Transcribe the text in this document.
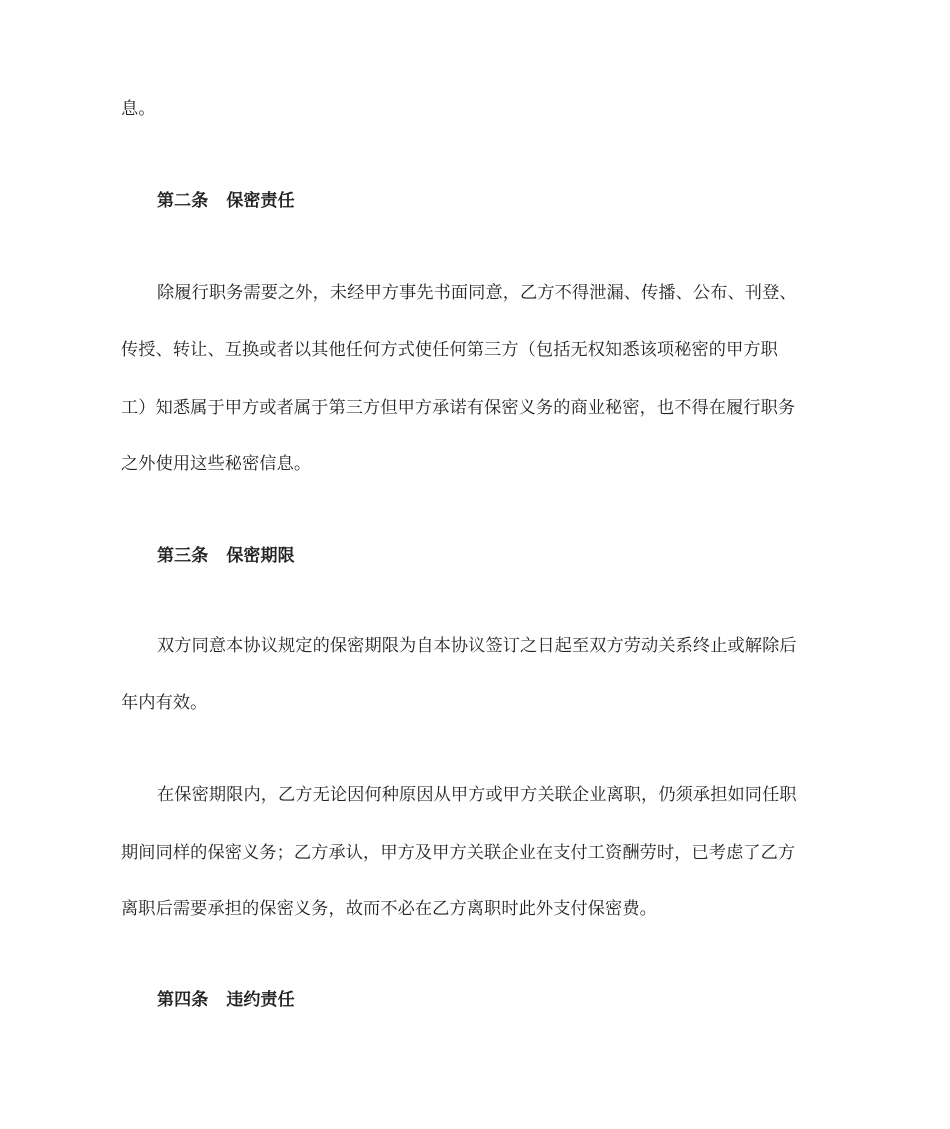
息。
第二条 保密责任
除履行职务需要之外，未经甲方事先书面同意，乙方不得泄漏、传播、公布、刊登、
传授、转让、互换或者以其他任何方式使任何第三方（包括无权知悉该项秘密的甲方职
工）知悉属于甲方或者属于第三方但甲方承诺有保密义务的商业秘密，也不得在履行职务
之外使用这些秘密信息。
第三条 保密期限
双方同意本协议规定的保密期限为自本协议签订之日起至双方劳动关系终止或解除后
年内有效。
在保密期限内，乙方无论因何种原因从甲方或甲方关联企业离职，仍须承担如同任职
期间同样的保密义务；乙方承认，甲方及甲方关联企业在支付工资酬劳时，已考虑了乙方
离职后需要承担的保密义务，故而不必在乙方离职时此外支付保密费。
第四条 违约责任
